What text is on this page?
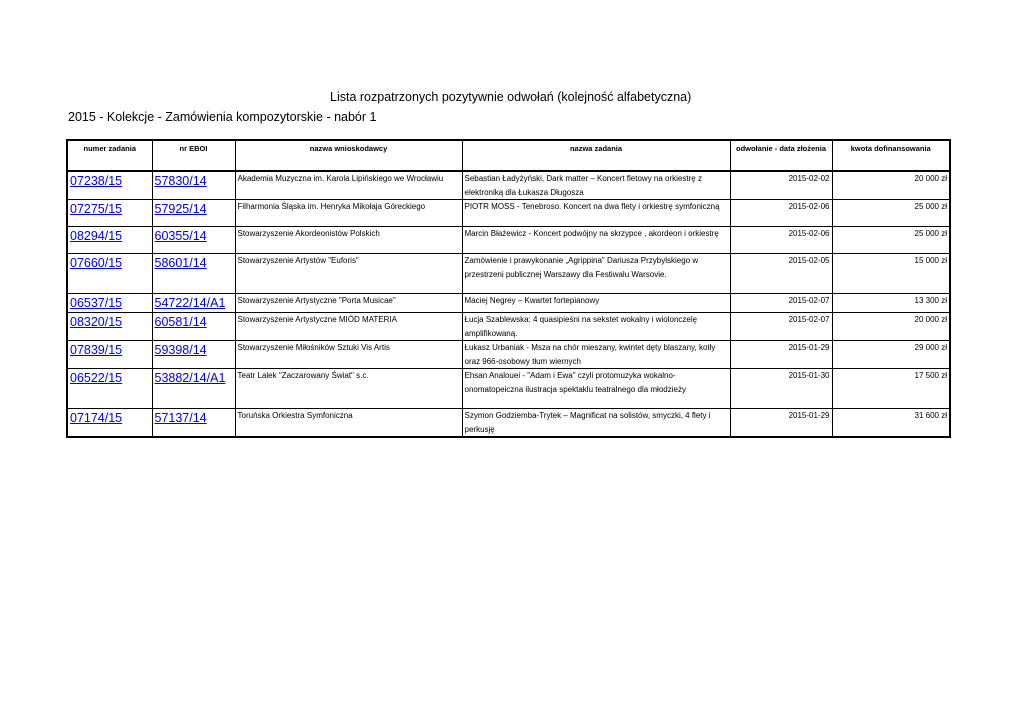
Lista rozpatrzonych pozytywnie odwołań (kolejność alfabetyczna)
2015 - Kolekcje - Zamówienia kompozytorskie - nabór 1
numer zadania	nr EBOI	nazwa wnioskodawcy	nazwa zadania	odwołanie - data złożenia	kwota dofinansowania
07238/15	57830/14	Akademia Muzyczna im. Karola Lipińskiego we Wrocławiu	Sebastian Ładyżyński, Dark matter – Koncert fletowy na orkiestrę z elektroniką dla Łukasza Długosza	2015-02-02	20 000 zł
07275/15	57925/14	Filharmonia Śląska im. Henryka Mikołaja Góreckiego	PIOTR MOSS - Tenebroso. Koncert na dwa flety i orkiestrę symfoniczną	2015-02-06	25 000 zł
08294/15	60355/14	Stowarzyszenie Akordeonistów Polskich	Marcin Błażewicz - Koncert podwójny na skrzypce , akordeon i orkiestrę	2015-02-06	25 000 zł
07660/15	58601/14	Stowarzyszenie Artystów "Euforis"	Zamówienie i prawykonanie „Agrippina" Dariusza Przybylskiego w przestrzeni publicznej Warszawy dla Festiwalu Warsovie.	2015-02-05	15 000 zł
06537/15	54722/14/A1	Stowarzyszenie Artystyczne "Porta Musicae"	Maciej Negrey – Kwartet fortepianowy	2015-02-07	13 300 zł
08320/15	60581/14	Stowarzyszenie Artystyczne MIÓD MATERIA	Łucja Szablewska: 4 quasipieśni na sekstet wokalny i wiolonczelę amplifikowaną.	2015-02-07	20 000 zł
07839/15	59398/14	Stowarzyszenie Miłośników Sztuki Vis Artis	Łukasz Urbaniak - Msza na chór mieszany, kwintet dęty blaszany, kotły oraz 966-osobowy tłum wiernych	2015-01-29	29 000 zł
06522/15	53882/14/A1	Teatr Lalek "Zaczarowany Świat" s.c.	Ehsan Analouei - "Adam i Ewa" czyli protomuzyka wokalno-onomatopeiczna ilustracja spektaklu teatralnego dla młodzieży	2015-01-30	17 500 zł
07174/15	57137/14	Toruńska Orkiestra Symfoniczna	Szymon Godziemba-Trytek – Magnificat na solistów, smyczki, 4 flety i perkusję	2015-01-29	31 600 zł
